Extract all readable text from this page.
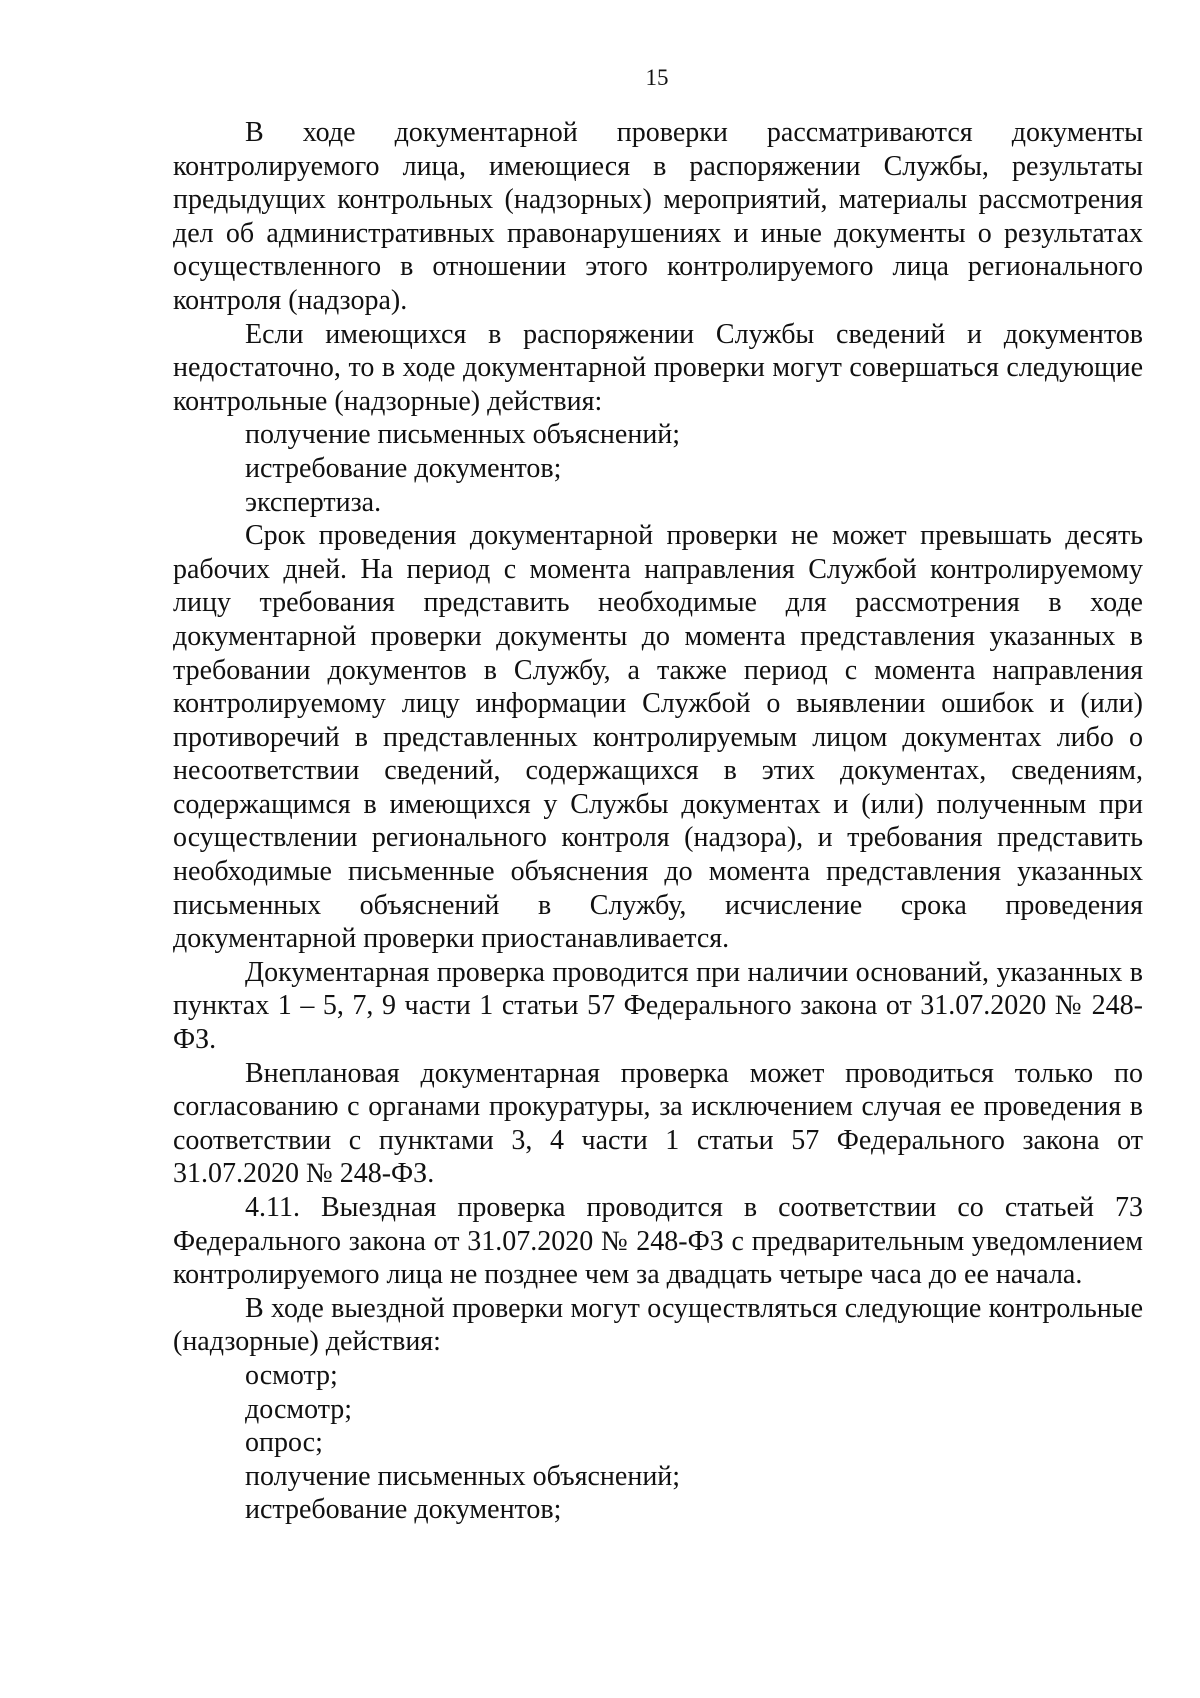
15

В ходе документарной проверки рассматриваются документы контролируемого лица, имеющиеся в распоряжении Службы, результаты предыдущих контрольных (надзорных) мероприятий, материалы рассмотрения дел об административных правонарушениях и иные документы о результатах осуществленного в отношении этого контролируемого лица регионального контроля (надзора).

Если имеющихся в распоряжении Службы сведений и документов недостаточно, то в ходе документарной проверки могут совершаться следующие контрольные (надзорные) действия:

получение письменных объяснений;

истребование документов;

экспертиза.

Срок проведения документарной проверки не может превышать десять рабочих дней. На период с момента направления Службой контролируемому лицу требования представить необходимые для рассмотрения в ходе документарной проверки документы до момента представления указанных в требовании документов в Службу, а также период с момента направления контролируемому лицу информации Службой о выявлении ошибок и (или) противоречий в представленных контролируемым лицом документах либо о несоответствии сведений, содержащихся в этих документах, сведениям, содержащимся в имеющихся у Службы документах и (или) полученным при осуществлении регионального контроля (надзора), и требования представить необходимые письменные объяснения до момента представления указанных письменных объяснений в Службу, исчисление срока проведения документарной проверки приостанавливается.

Документарная проверка проводится при наличии оснований, указанных в пунктах 1 – 5, 7, 9 части 1 статьи 57 Федерального закона от 31.07.2020 № 248-ФЗ.

Внеплановая документарная проверка может проводиться только по согласованию с органами прокуратуры, за исключением случая ее проведения в соответствии с пунктами 3, 4 части 1 статьи 57 Федерального закона от 31.07.2020 № 248-ФЗ.

4.11. Выездная проверка проводится в соответствии со статьей 73 Федерального закона от 31.07.2020 № 248-ФЗ с предварительным уведомлением контролируемого лица не позднее чем за двадцать четыре часа до ее начала.

В ходе выездной проверки могут осуществляться следующие контрольные (надзорные) действия:

осмотр;

досмотр;

опрос;

получение письменных объяснений;

истребование документов;
